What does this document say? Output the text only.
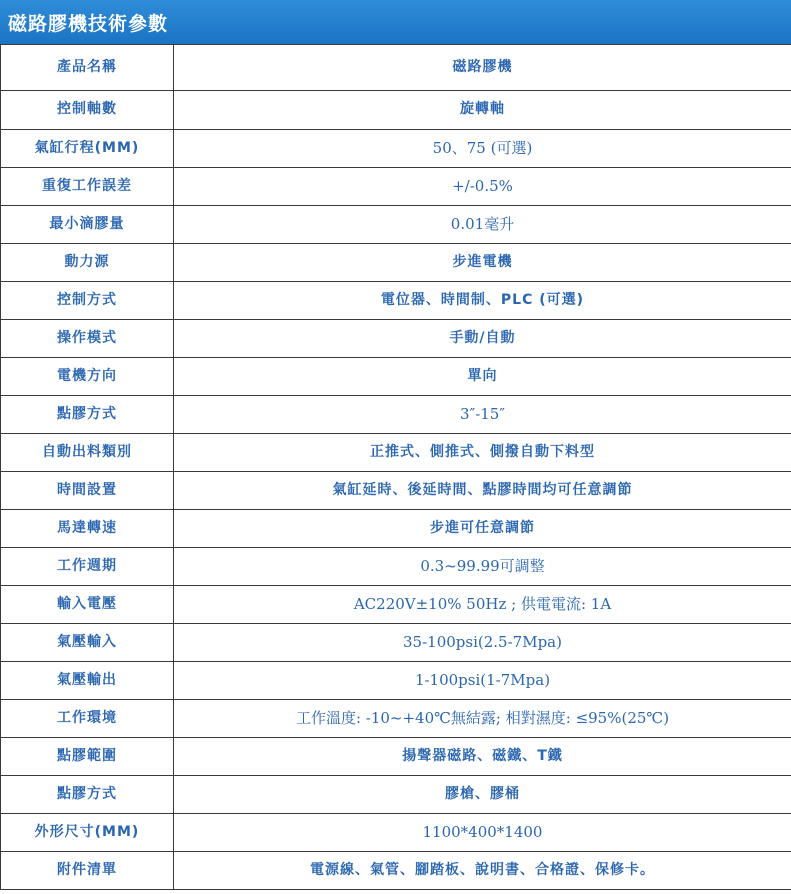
磁路膠機技術參數
產品名稱	磁路膠機
控制軸數	旋轉軸
氣缸行程(MM)	50、75 (可選)
重復工作誤差	+/-0.5%
最小滴膠量	0.01毫升
動力源	步進電機
控制方式	電位器、時間制、PLC (可選)
操作模式	手動/自動
電機方向	單向
點膠方式	3″-15″
自動出料類別	正推式、側推式、側撥自動下料型
時間設置	氣缸延時、後延時間、點膠時間均可任意調節
馬達轉速	步進可任意調節
工作週期	0.3~99.99可調整
輸入電壓	AC220V±10% 50Hz ; 供電電流: 1A
氣壓輸入	35-100psi(2.5-7Mpa)
氣壓輸出	1-100psi(1-7Mpa)
工作環境	工作溫度: -10~+40℃無結露; 相對濕度: ≤95%(25℃)
點膠範圍	揚聲器磁路、磁鐵、T鐵
點膠方式	膠槍、膠桶
外形尺寸(MM)	1100*400*1400
附件清單	電源線、氣管、腳踏板、說明書、合格證、保修卡。
